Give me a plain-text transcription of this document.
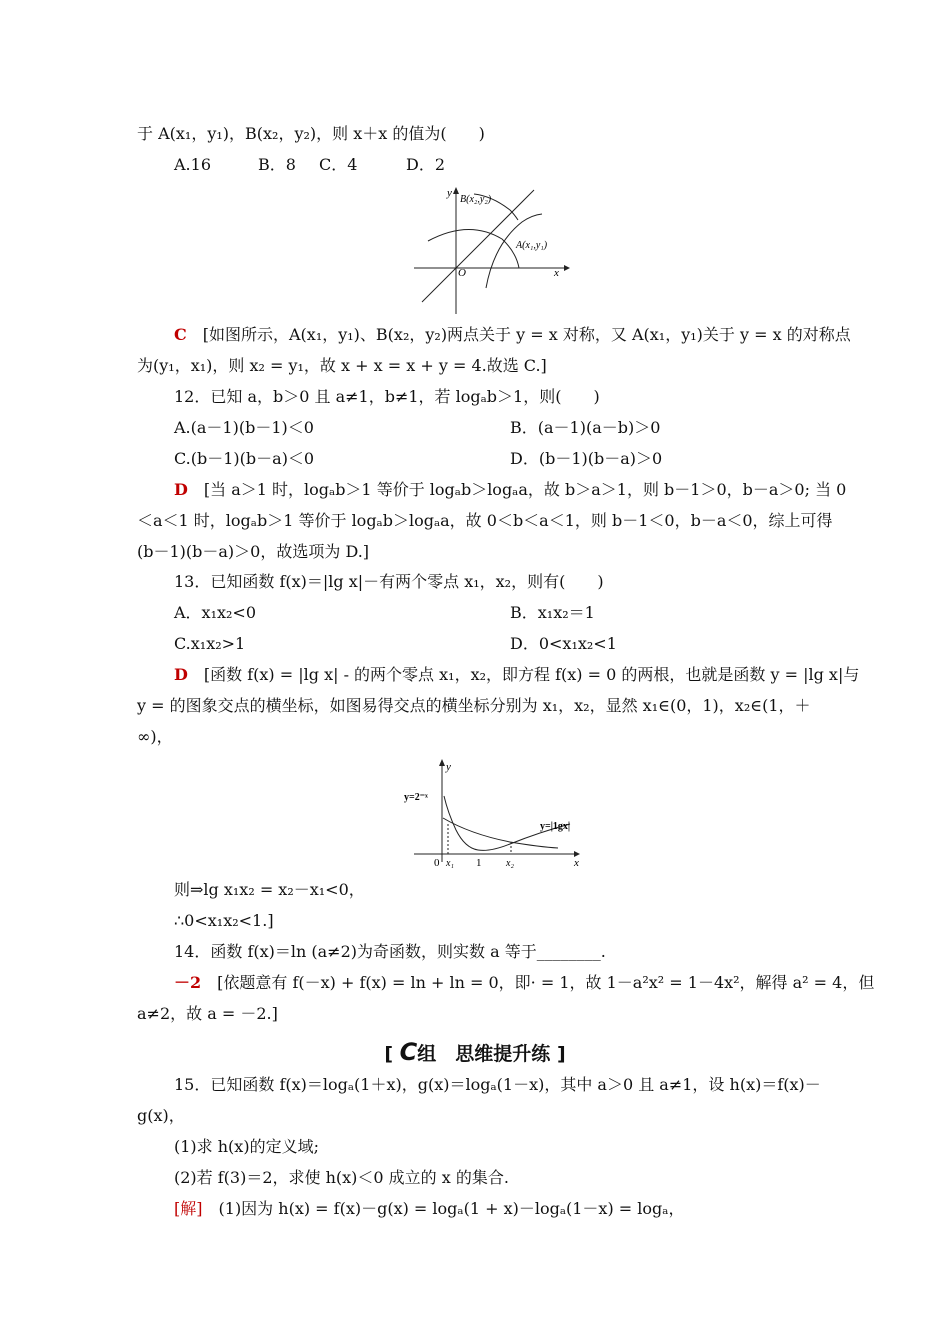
于 A(x₁，y₁)，B(x₂，y₂)，则 x＋x 的值为(　　)
A.16	B．8 C．4	D．2
y
x
O
B(x₂,y₂)
A(x₁,y₁)
C　 [如图所示，A(x₁，y₁)、B(x₂，y₂)两点关于 y = x 对称，又 A(x₁，y₁)关于 y = x 的对称点
为(y₁，x₁)，则 x₂ = y₁，故 x + x = x + y = 4.故选 C.]
12．已知 a，b＞0 且 a≠1，b≠1，若 logₐb＞1，则(　　)
A.(a－1)(b－1)＜0	B．(a－1)(a－b)＞0
C.(b－1)(b－a)＜0	D．(b－1)(b－a)＞0
D　 [当 a＞1 时，logₐb＞1 等价于 logₐb＞logₐa，故 b＞a＞1，则 b－1＞0，b－a＞0; 当 0
＜a＜1 时，logₐb＞1 等价于 logₐb＞logₐa，故 0＜b＜a＜1，则 b－1＜0，b－a＜0，综上可得
(b－1)(b－a)＞0，故选项为 D.]
13．已知函数 f(x)＝|lg x|－有两个零点 x₁，x₂，则有(　　)
A．x₁x₂<0	B．x₁x₂＝1
C.x₁x₂>1	D．0<x₁x₂<1
D　 [函数 f(x) = |lg x| - 的两个零点 x₁，x₂，即方程 f(x) = 0 的两根，也就是函数 y = |lg x|与
y = 的图象交点的横坐标，如图易得交点的横坐标分别为 x₁，x₂，显然 x₁∈(0，1)，x₂∈(1，＋
∞)，
y
x
y=2⁻ˣ
y=|1gx|
0 x₁ 1 x₂
则⇒lg x₁x₂ = x₂－x₁<0，
∴0<x₁x₂<1.]
14．函数 f(x)＝ln (a≠2)为奇函数，则实数 a 等于________.
－2　 [依题意有 f(－x) + f(x) = ln + ln = 0，即· = 1，故 1－a²x² = 1－4x²，解得 a² = 4，但
a≠2，故 a = －2.]
[ C组　思维提升练 ]
15．已知函数 f(x)＝logₐ(1＋x)，g(x)＝logₐ(1－x)，其中 a＞0 且 a≠1，设 h(x)＝f(x)－
g(x)，
(1)求 h(x)的定义域;
(2)若 f(3)＝2，求使 h(x)＜0 成立的 x 的集合.
[解]　 (1)因为 h(x) = f(x)－g(x) = logₐ(1 + x)－logₐ(1－x) = logₐ，
